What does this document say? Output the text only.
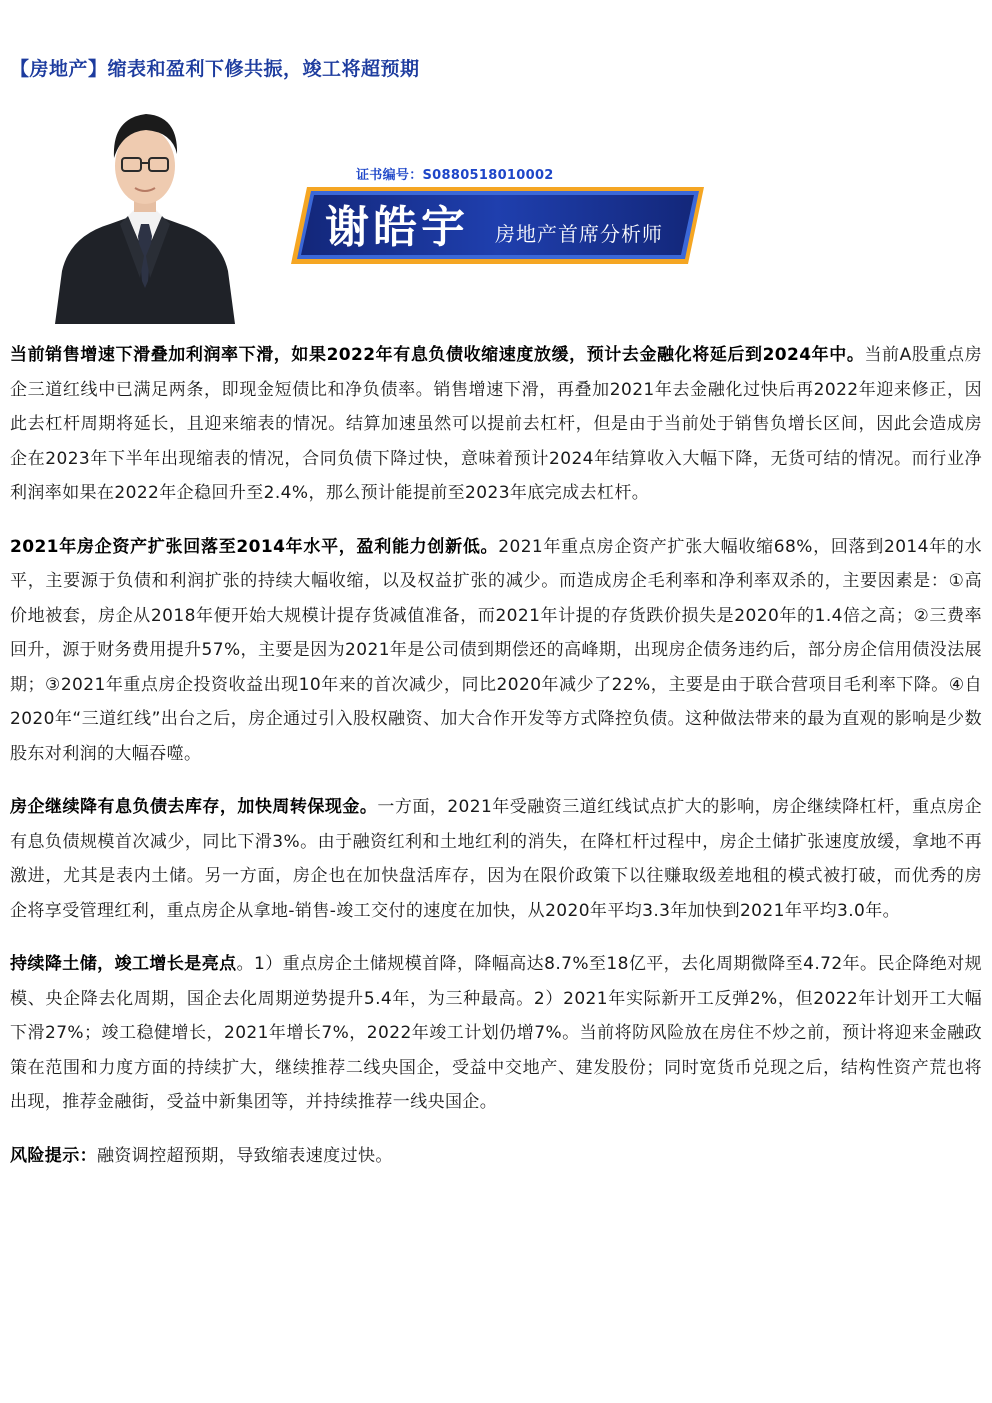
【房地产】缩表和盈利下修共振，竣工将超预期
证书编号：S0880518010002
谢皓宇 房地产首席分析师

当前销售增速下滑叠加利润率下滑，如果2022年有息负债收缩速度放缓，预计去金融化将延后到2024年中。当前A股重点房企三道红线中已满足两条，即现金短债比和净负债率。销售增速下滑，再叠加2021年去金融化过快后再2022年迎来修正，因此去杠杆周期将延长，且迎来缩表的情况。结算加速虽然可以提前去杠杆，但是由于当前处于销售负增长区间，因此会造成房企在2023年下半年出现缩表的情况，合同负债下降过快，意味着预计2024年结算收入大幅下降，无货可结的情况。而行业净利润率如果在2022年企稳回升至2.4%，那么预计能提前至2023年底完成去杠杆。

2021年房企资产扩张回落至2014年水平，盈利能力创新低。2021年重点房企资产扩张大幅收缩68%，回落到2014年的水平，主要源于负债和利润扩张的持续大幅收缩，以及权益扩张的减少。而造成房企毛利率和净利率双杀的，主要因素是：①高价地被套，房企从2018年便开始大规模计提存货减值准备，而2021年计提的存货跌价损失是2020年的1.4倍之高；②三费率回升，源于财务费用提升57%，主要是因为2021年是公司债到期偿还的高峰期，出现房企债务违约后，部分房企信用债没法展期；③2021年重点房企投资收益出现10年来的首次减少，同比2020年减少了22%，主要是由于联合营项目毛利率下降。④自2020年“三道红线”出台之后，房企通过引入股权融资、加大合作开发等方式降控负债。这种做法带来的最为直观的影响是少数股东对利润的大幅吞噬。

房企继续降有息负债去库存，加快周转保现金。一方面，2021年受融资三道红线试点扩大的影响，房企继续降杠杆，重点房企有息负债规模首次减少，同比下滑3%。由于融资红利和土地红利的消失，在降杠杆过程中，房企土储扩张速度放缓，拿地不再激进，尤其是表内土储。另一方面，房企也在加快盘活库存，因为在限价政策下以往赚取级差地租的模式被打破，而优秀的房企将享受管理红利，重点房企从拿地-销售-竣工交付的速度在加快，从2020年平均3.3年加快到2021年平均3.0年。

持续降土储，竣工增长是亮点。1）重点房企土储规模首降，降幅高达8.7%至18亿平，去化周期微降至4.72年。民企降绝对规模、央企降去化周期，国企去化周期逆势提升5.4年，为三种最高。2）2021年实际新开工反弹2%，但2022年计划开工大幅下滑27%；竣工稳健增长，2021年增长7%，2022年竣工计划仍增7%。当前将防风险放在房住不炒之前，预计将迎来金融政策在范围和力度方面的持续扩大，继续推荐二线央国企，受益中交地产、建发股份；同时宽货币兑现之后，结构性资产荒也将出现，推荐金融街，受益中新集团等，并持续推荐一线央国企。

风险提示：融资调控超预期，导致缩表速度过快。
